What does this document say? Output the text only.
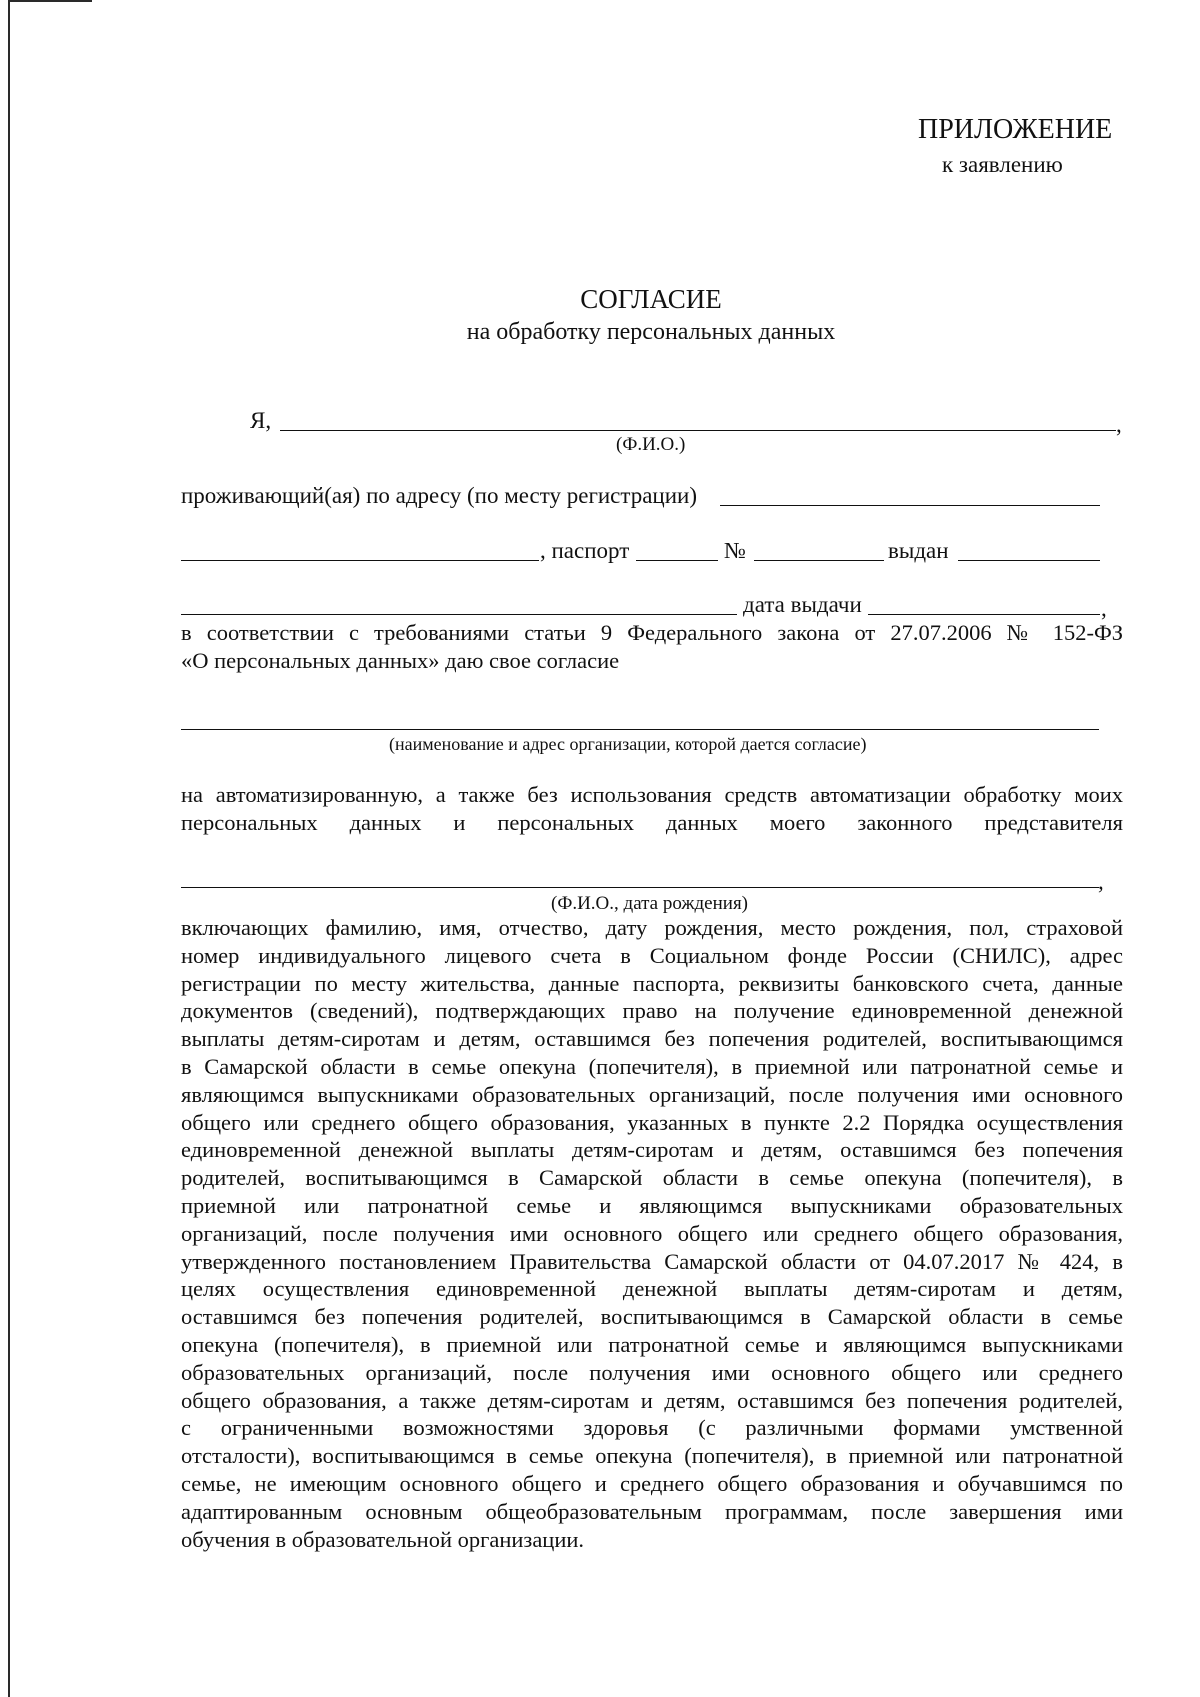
ПРИЛОЖЕНИЕ
к заявлению
СОГЛАСИЕ
на обработку персональных данных
Я,	,
(Ф.И.О.)
проживающий(ая) по адресу (по месту регистрации)
, паспорт	№	выдан
дата выдачи	,
в соответствии с требованиями статьи 9 Федерального закона от 27.07.2006 № 152-ФЗ
«О персональных данных» даю свое согласие
(наименование и адрес организации, которой дается согласие)
на автоматизированную, а также без использования средств автоматизации обработку моих
персональных данных и персональных данных моего законного представителя
,
(Ф.И.О., дата рождения)
включающих фамилию, имя, отчество, дату рождения, место рождения, пол, страховой
номер индивидуального лицевого счета в Социальном фонде России (СНИЛС), адрес
регистрации по месту жительства, данные паспорта, реквизиты банковского счета, данные
документов (сведений), подтверждающих право на получение единовременной денежной
выплаты детям-сиротам и детям, оставшимся без попечения родителей, воспитывающимся
в Самарской области в семье опекуна (попечителя), в приемной или патронатной семье и
являющимся выпускниками образовательных организаций, после получения ими основного
общего или среднего общего образования, указанных в пункте 2.2 Порядка осуществления
единовременной денежной выплаты детям-сиротам и детям, оставшимся без попечения
родителей, воспитывающимся в Самарской области в семье опекуна (попечителя), в
приемной или патронатной семье и являющимся выпускниками образовательных
организаций, после получения ими основного общего или среднего общего образования,
утвержденного постановлением Правительства Самарской области от 04.07.2017 № 424, в
целях осуществления единовременной денежной выплаты детям-сиротам и детям,
оставшимся без попечения родителей, воспитывающимся в Самарской области в семье
опекуна (попечителя), в приемной или патронатной семье и являющимся выпускниками
образовательных организаций, после получения ими основного общего или среднего
общего образования, а также детям-сиротам и детям, оставшимся без попечения родителей,
с ограниченными возможностями здоровья (с различными формами умственной
отсталости), воспитывающимся в семье опекуна (попечителя), в приемной или патронатной
семье, не имеющим основного общего и среднего общего образования и обучавшимся по
адаптированным основным общеобразовательным программам, после завершения ими
обучения в образовательной организации.
